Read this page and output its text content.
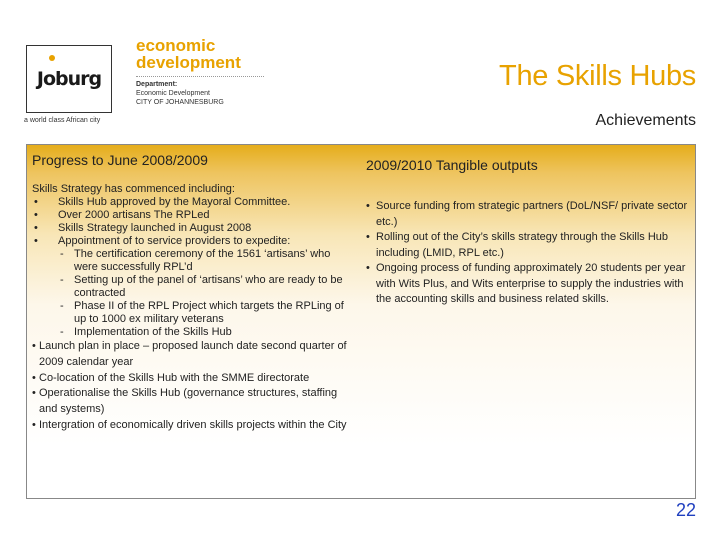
Joburg
a world class African city
economic
development
Department:
Economic Development
CITY OF JOHANNESBURG
The Skills Hubs
Achievements
Progress to June 2008/2009
Skills Strategy has commenced including:
• Skills Hub approved by the Mayoral Committee.
• Over 2000 artisans The RPLed
• Skills Strategy launched in August 2008
• Appointment of to service providers to expedite:
- The certification ceremony of the 1561 ‘artisans’ who were successfully RPL’d
- Setting up of the panel of ‘artisans’ who are ready to be contracted
- Phase II of the RPL Project which targets the RPLing of up to 1000 ex military veterans
- Implementation of the Skills Hub
• Launch plan in place – proposed launch date second quarter of 2009 calendar year
• Co-location of the Skills Hub with the SMME directorate
• Operationalise the Skills Hub (governance structures, staffing and systems)
• Intergration of economically driven skills projects within the City
2009/2010 Tangible outputs
• Source funding from strategic partners (DoL/NSF/ private sector etc.)
• Rolling out of the City’s skills strategy through the Skills Hub including (LMID, RPL etc.)
• Ongoing process of funding approximately 20 students per year with Wits Plus, and Wits enterprise to supply the industries with the accounting skills and business related skills.
22
